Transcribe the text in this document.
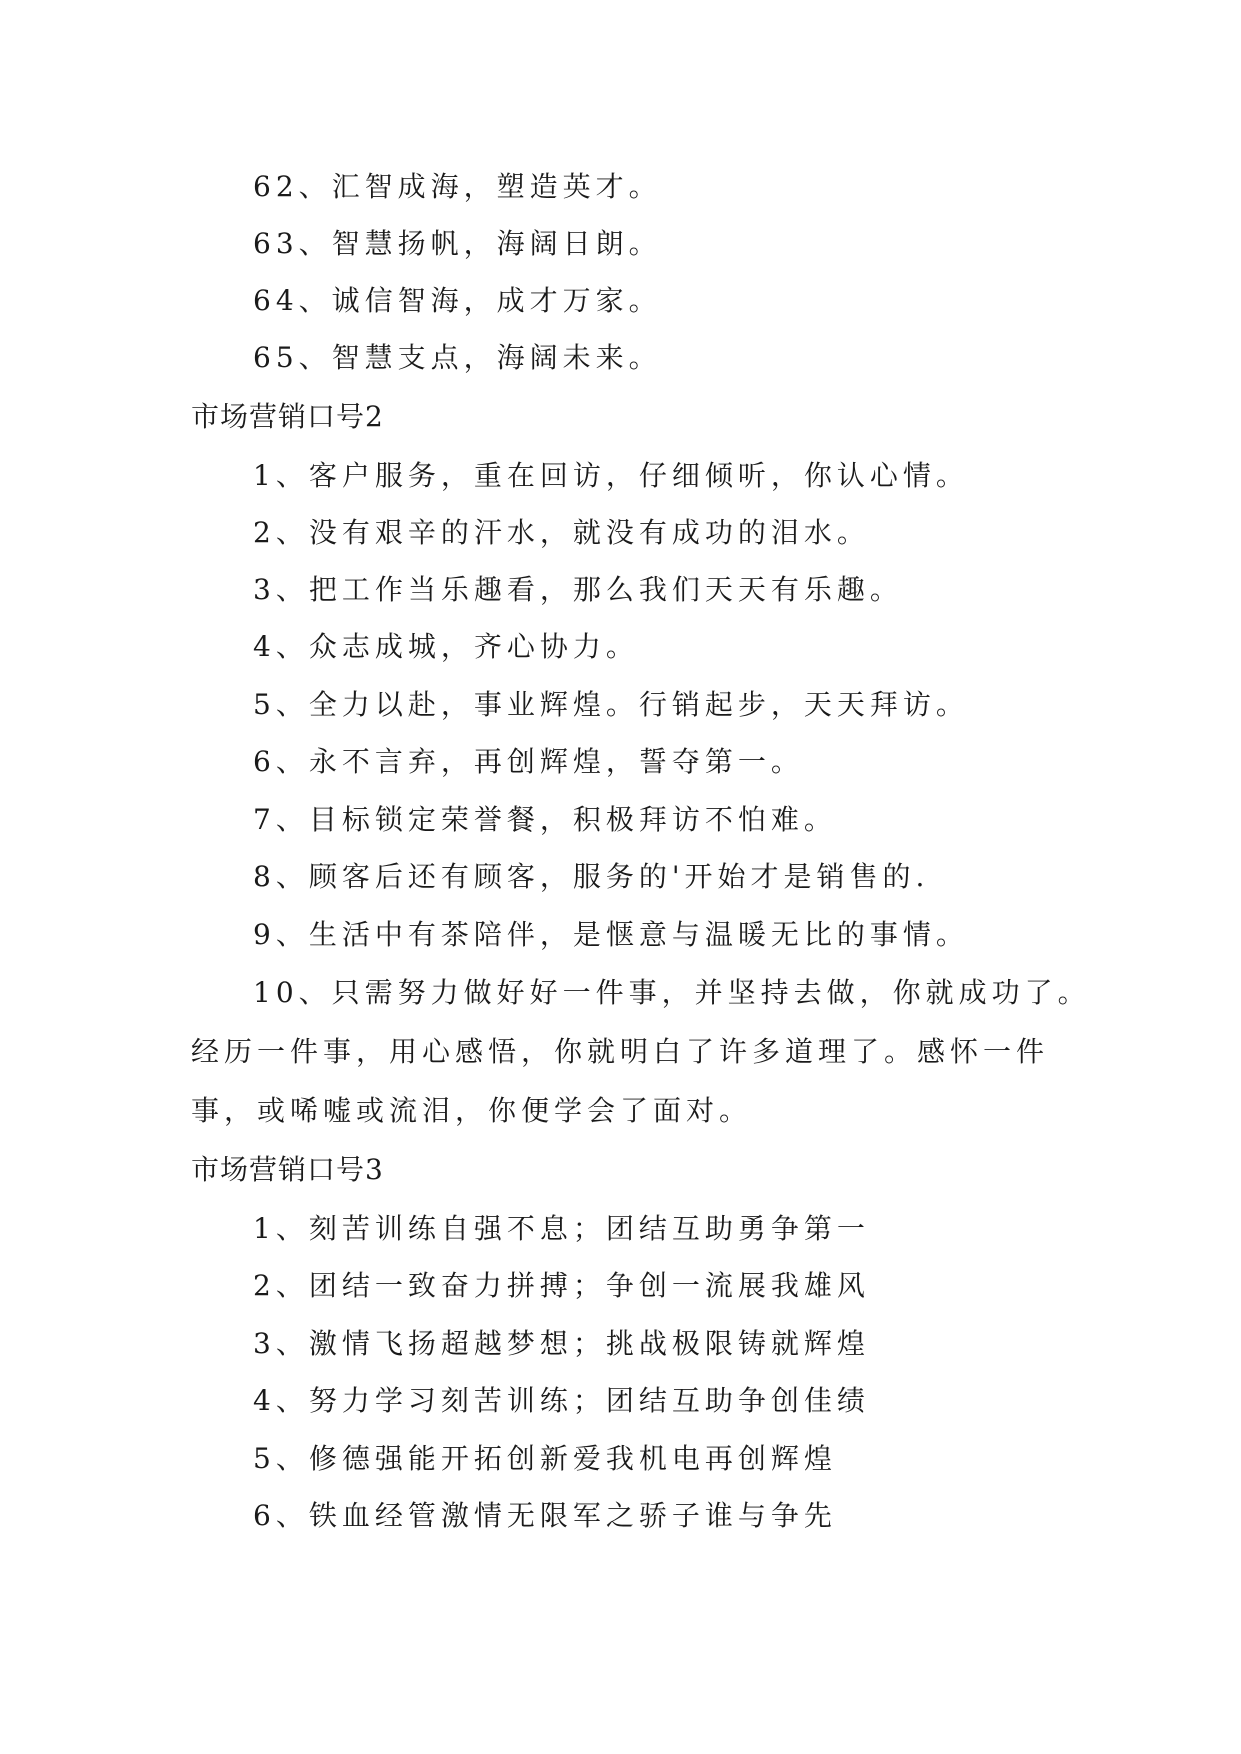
62、汇智成海，塑造英才。
63、智慧扬帆，海阔日朗。
64、诚信智海，成才万家。
65、智慧支点，海阔未来。
市场营销口号2
1、客户服务，重在回访，仔细倾听，你认心情。
2、没有艰辛的汗水，就没有成功的泪水。
3、把工作当乐趣看，那么我们天天有乐趣。
4、众志成城，齐心协力。
5、全力以赴，事业辉煌。行销起步，天天拜访。
6、永不言弃，再创辉煌，誓夺第一。
7、目标锁定荣誉餐，积极拜访不怕难。
8、顾客后还有顾客，服务的'开始才是销售的.
9、生活中有茶陪伴，是惬意与温暖无比的事情。
10、只需努力做好好一件事，并坚持去做，你就成功了。
经历一件事，用心感悟，你就明白了许多道理了。感怀一件
事，或唏嘘或流泪，你便学会了面对。
市场营销口号3
1、刻苦训练自强不息；团结互助勇争第一
2、团结一致奋力拼搏；争创一流展我雄风
3、激情飞扬超越梦想；挑战极限铸就辉煌
4、努力学习刻苦训练；团结互助争创佳绩
5、修德强能开拓创新爱我机电再创辉煌
6、铁血经管激情无限军之骄子谁与争先
